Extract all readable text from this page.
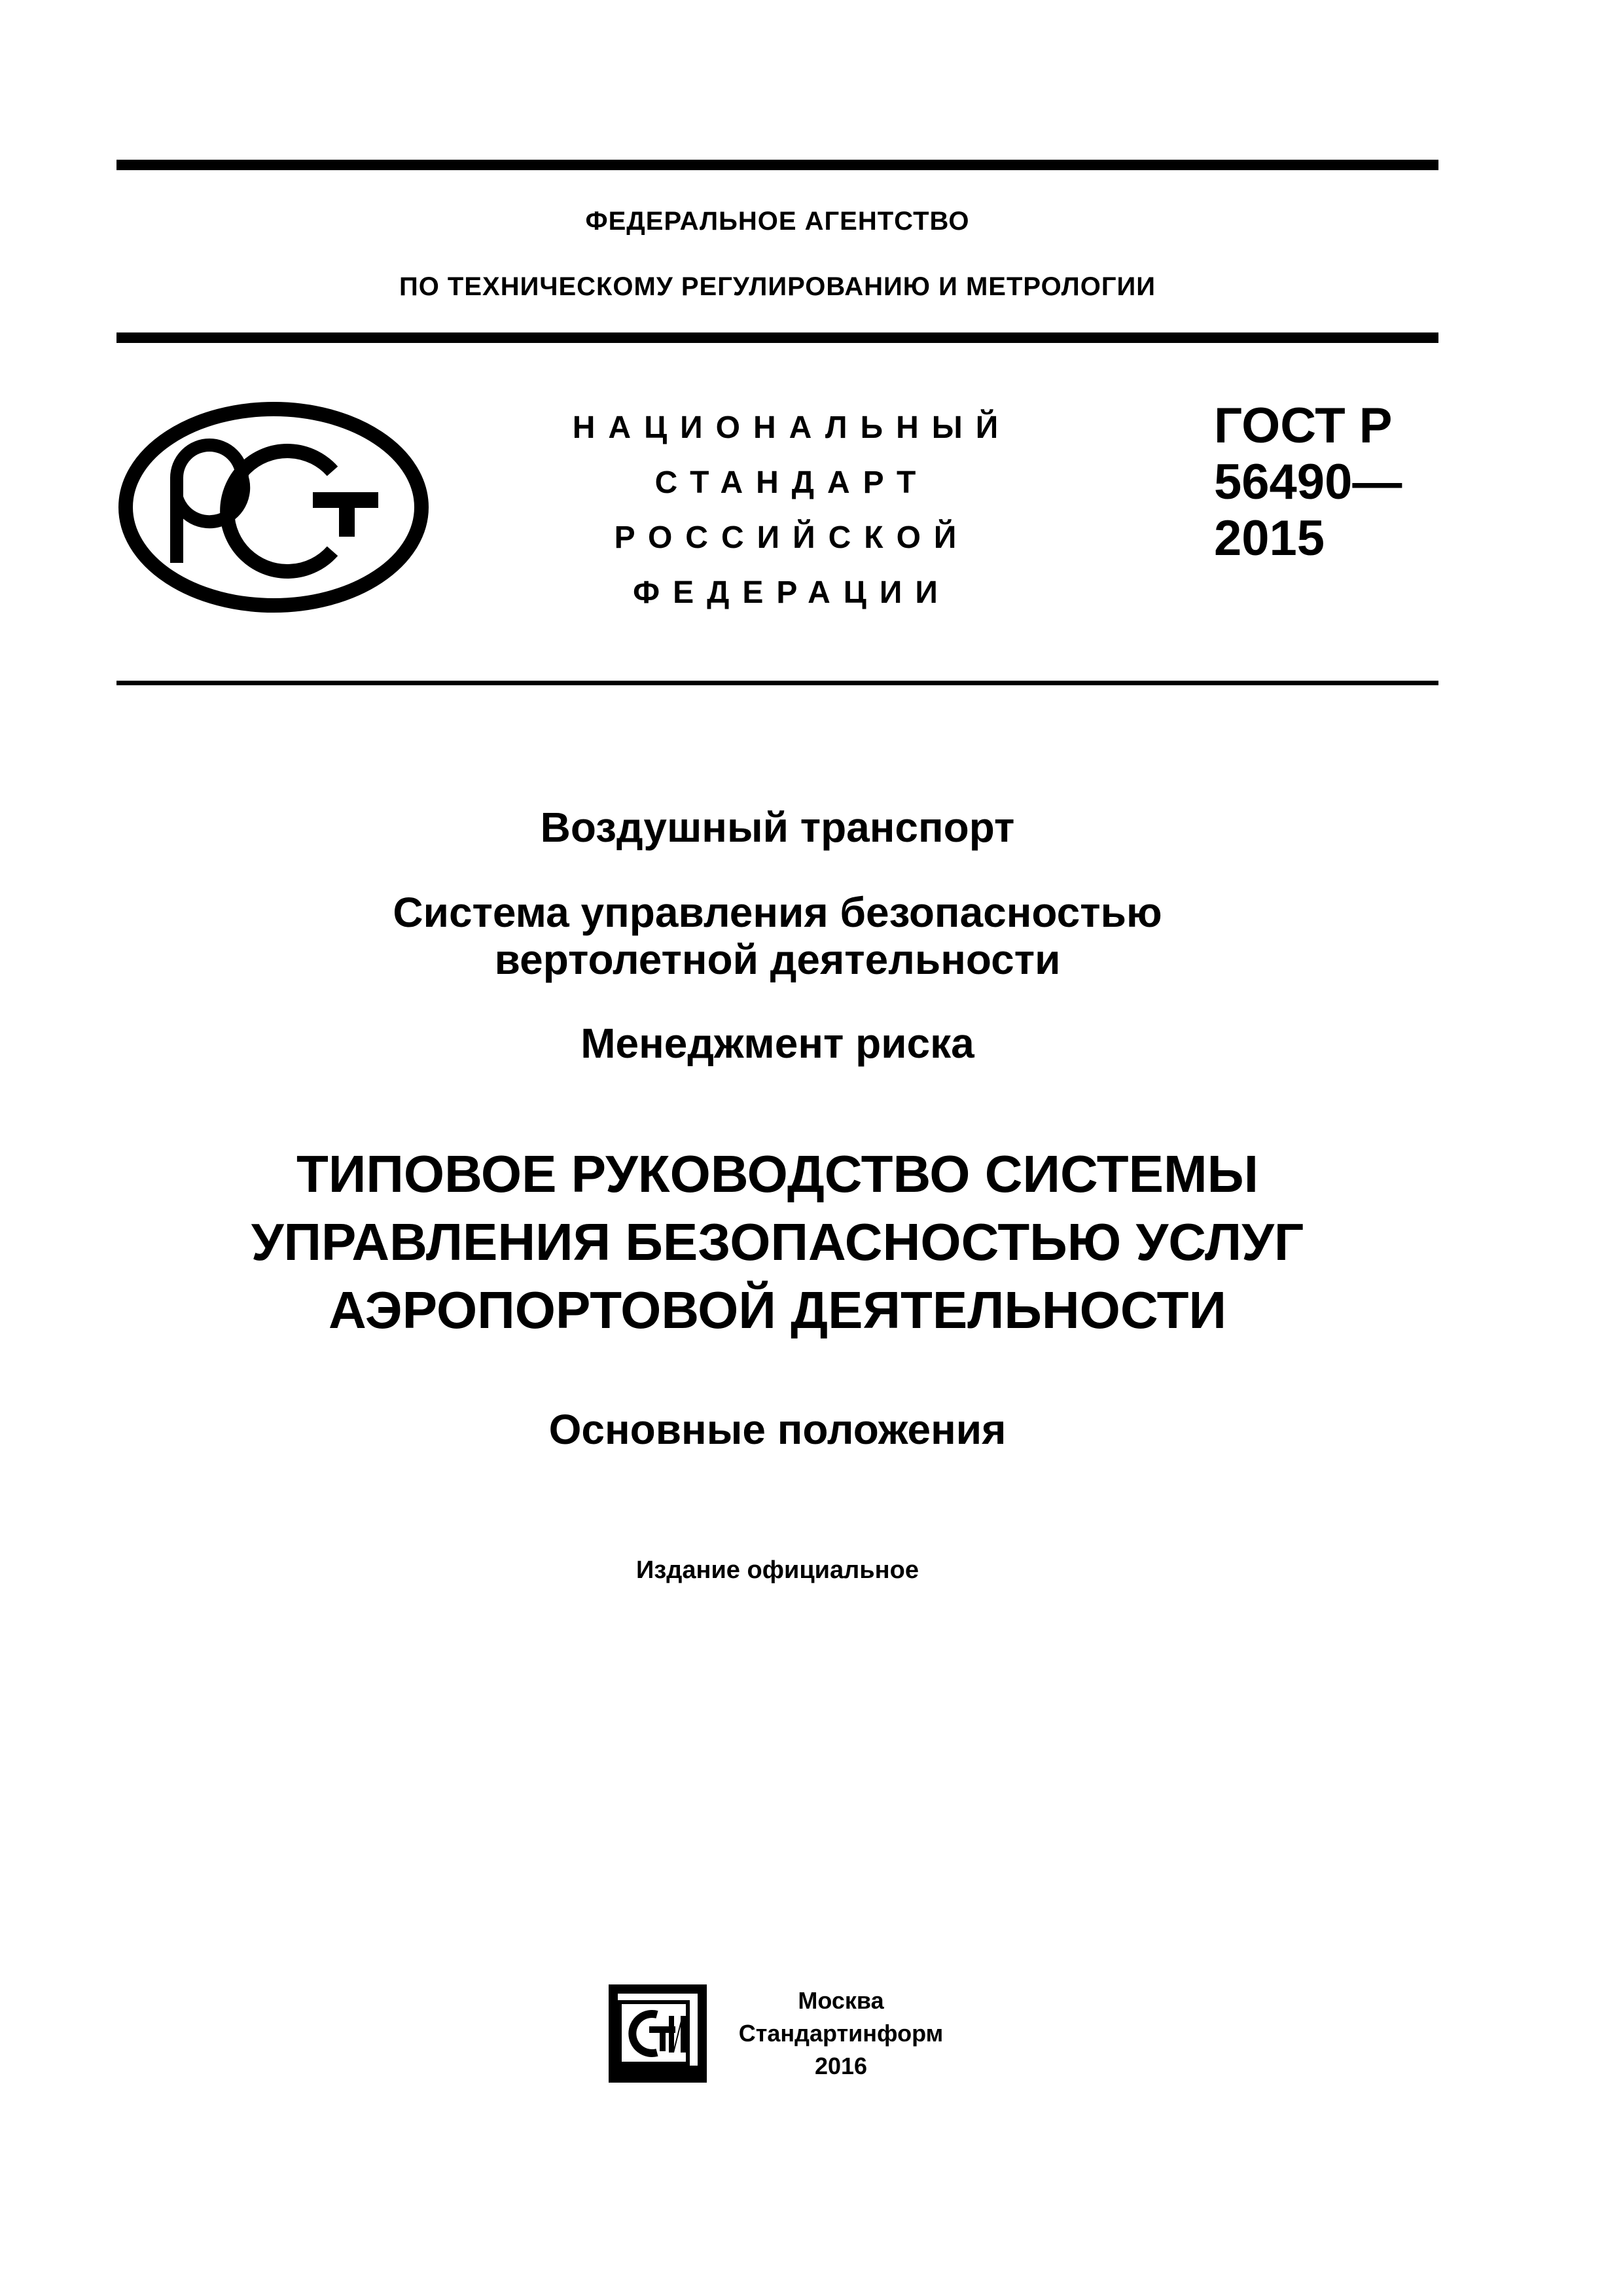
ФЕДЕРАЛЬНОЕ АГЕНТСТВО
ПО ТЕХНИЧЕСКОМУ РЕГУЛИРОВАНИЮ И МЕТРОЛОГИИ
НАЦИОНАЛЬНЫЙ
СТАНДАРТ
РОССИЙСКОЙ
ФЕДЕРАЦИИ
ГОСТ Р
56490—
2015
Воздушный транспорт
Система управления безопасностью
вертолетной деятельности
Менеджмент риска
ТИПОВОЕ РУКОВОДСТВО СИСТЕМЫ
УПРАВЛЕНИЯ БЕЗОПАСНОСТЬЮ УСЛУГ
АЭРОПОРТОВОЙ ДЕЯТЕЛЬНОСТИ
Основные положения
Издание официальное
Москва
Стандартинформ
2016
